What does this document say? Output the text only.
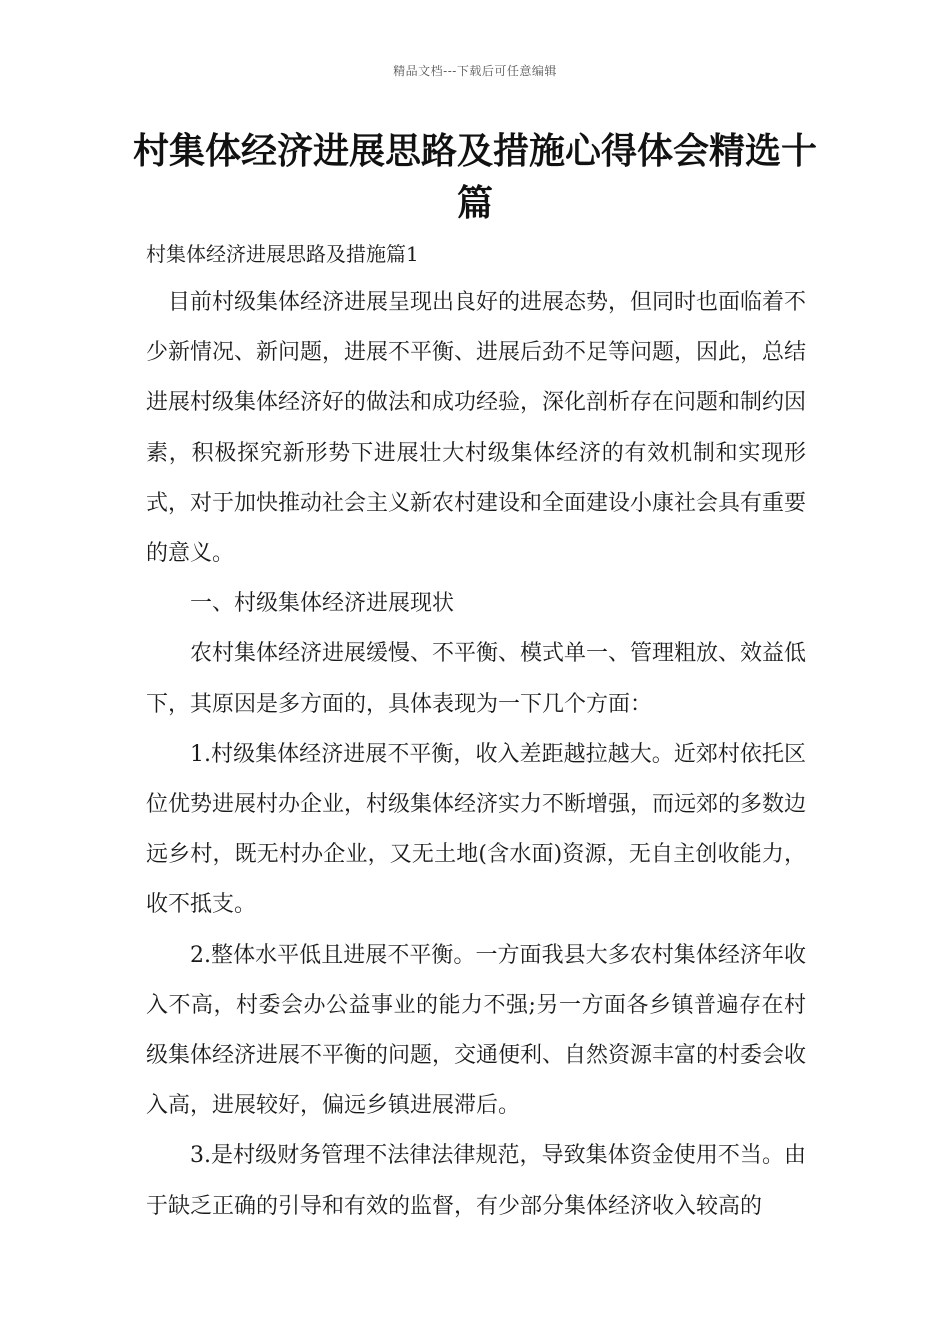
精品文档---下载后可任意编辑
村集体经济进展思路及措施心得体会精选十篇
村集体经济进展思路及措施篇1

目前村级集体经济进展呈现出良好的进展态势，但同时也面临着不少新情况、新问题，进展不平衡、进展后劲不足等问题，因此，总结进展村级集体经济好的做法和成功经验，深化剖析存在问题和制约因素，积极探究新形势下进展壮大村级集体经济的有效机制和实现形式，对于加快推动社会主义新农村建设和全面建设小康社会具有重要的意义。

一、村级集体经济进展现状

农村集体经济进展缓慢、不平衡、模式单一、管理粗放、效益低下，其原因是多方面的，具体表现为一下几个方面：

1.村级集体经济进展不平衡，收入差距越拉越大。近郊村依托区位优势进展村办企业，村级集体经济实力不断增强，而远郊的多数边远乡村，既无村办企业，又无土地(含水面)资源，无自主创收能力，收不抵支。

2.整体水平低且进展不平衡。一方面我县大多农村集体经济年收入不高，村委会办公益事业的能力不强;另一方面各乡镇普遍存在村级集体经济进展不平衡的问题，交通便利、自然资源丰富的村委会收入高，进展较好，偏远乡镇进展滞后。

3.是村级财务管理不法律法律规范，导致集体资金使用不当。由于缺乏正确的引导和有效的监督，有少部分集体经济收入较高的
